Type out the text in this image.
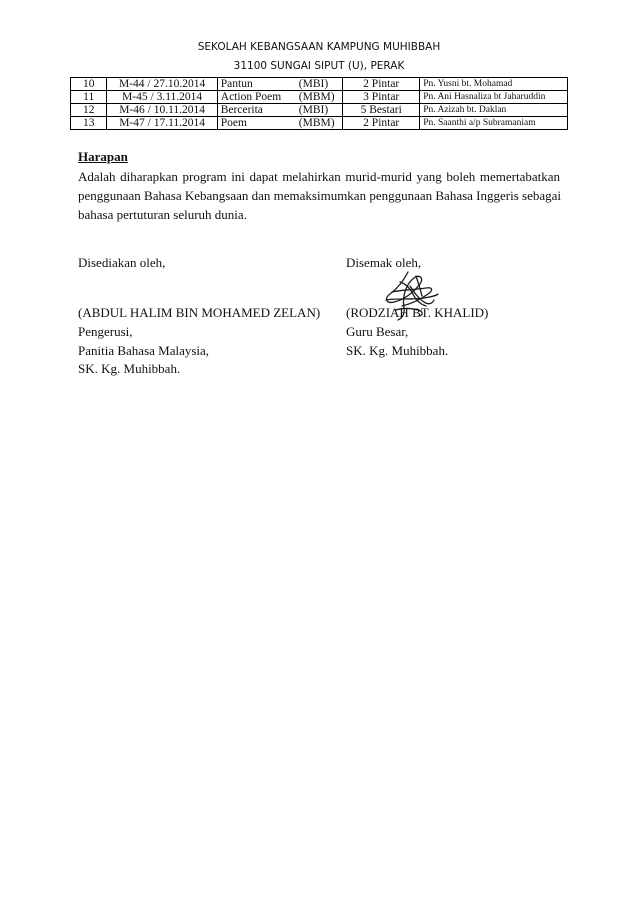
SEKOLAH KEBANGSAAN KAMPUNG MUHIBBAH
31100 SUNGAI SIPUT (U), PERAK
10	M-44 / 27.10.2014	Pantun (MBI)	2 Pintar	Pn. Yusni bt. Mohamad
11	M-45 / 3.11.2014	Action Poem (MBM)	3 Pintar	Pn. Ani Hasnaliza bt Jaharuddin
12	M-46 / 10.11.2014	Bercerita (MBI)	5 Bestari	Pn. Azizah bt. Daklan
13	M-47 / 17.11.2014	Poem (MBM)	2 Pintar	Pn. Saanthi a/p Subramaniam
Harapan
Adalah diharapkan program ini dapat melahirkan murid-murid yang boleh memertabatkan
penggunaan Bahasa Kebangsaan dan memaksimumkan penggunaan Bahasa Inggeris sebagai
bahasa pertuturan seluruh dunia.
Disediakan oleh,	Disemak oleh,
(ABDUL HALIM BIN MOHAMED ZELAN)
Pengerusi,
Panitia Bahasa Malaysia,
SK. Kg. Muhibbah.
(RODZIAH BT. KHALID)
Guru Besar,
SK. Kg. Muhibbah.
